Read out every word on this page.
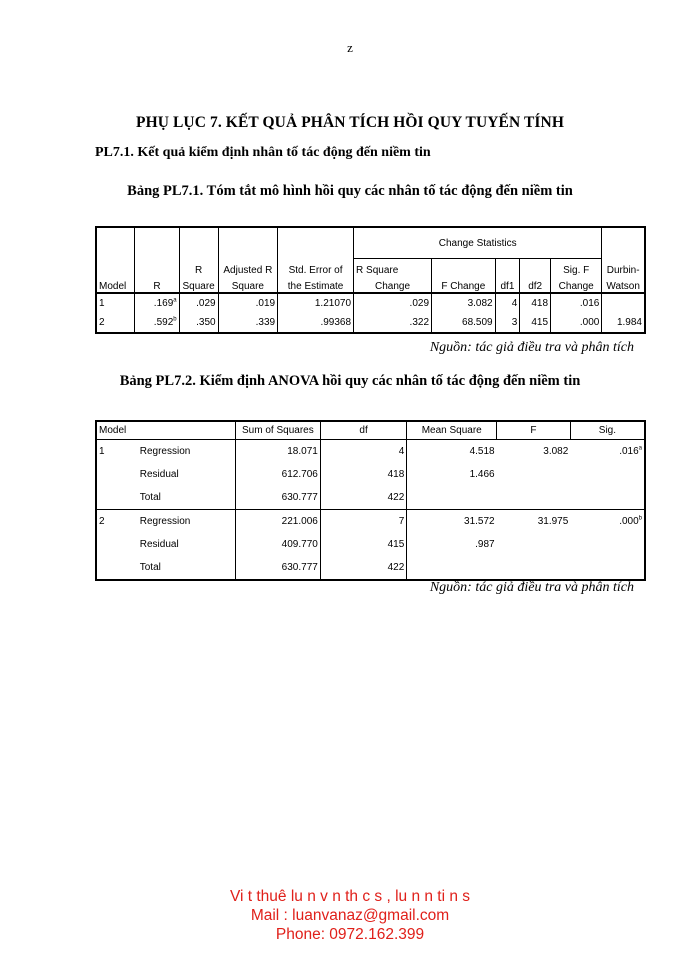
z
PHỤ LỤC 7. KẾT QUẢ PHÂN TÍCH HỒI QUY TUYẾN TÍNH
PL7.1. Kết quả kiểm định nhân tố tác động đến niềm tin
Bảng PL7.1. Tóm tắt mô hình hồi quy các nhân tố tác động đến niềm tin
					Change Statistics					
		R	Adjusted R	Std. Error of	R Square				Sig. F	Durbin-
Model	R	Square	Square	the Estimate	Change	F Change	df1	df2	Change	Watson
1	.169$^a$	.029	.019	1.21070	.029	3.082	4	418	.016	
2	.592$^b$	.350	.339	.99368	.322	68.509	3	415	.000	1.984
Nguồn: tác giả điều tra và phân tích
Bảng PL7.2. Kiểm định ANOVA hồi quy các nhân tố tác động đến niềm tin
Model		Sum of Squares	df	Mean Square	F	Sig.
1	Regression	18.071	4	4.518	3.082	.016$^a$
	Residual	612.706	418	1.466		
	Total	630.777	422			
2	Regression	221.006	7	31.572	31.975	.000$^b$
	Residual	409.770	415	.987		
	Total	630.777	422			
Nguồn: tác giả điều tra và phân tích
Vi t thuê lu n v n th c s , lu n n ti n s
Mail : luanvanaz@gmail.com
Phone: 0972.162.399
